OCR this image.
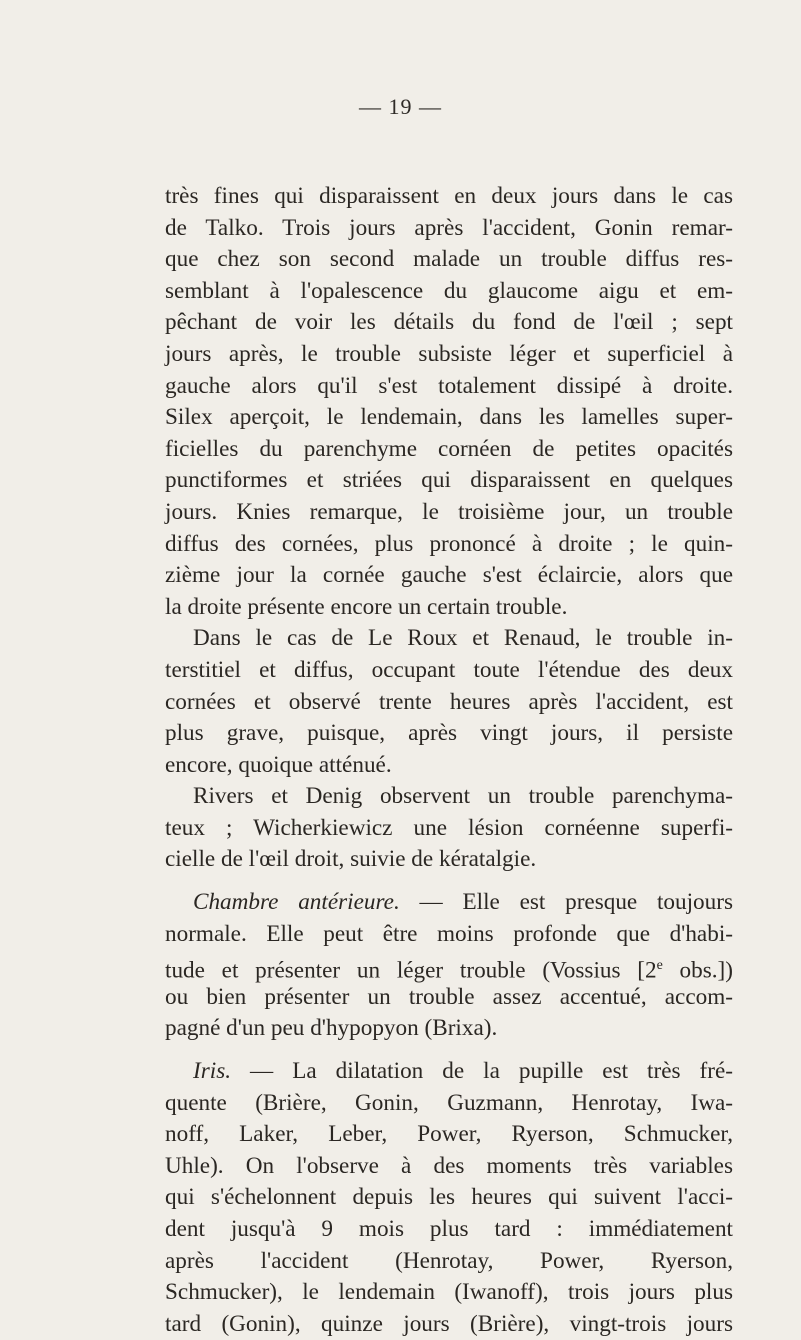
— 19 —
très fines qui disparaissent en deux jours dans le cas
de Talko. Trois jours après l'accident, Gonin remar-
que chez son second malade un trouble diffus res-
semblant à l'opalescence du glaucome aigu et em-
pêchant de voir les détails du fond de l'œil ; sept
jours après, le trouble subsiste léger et superficiel à
gauche alors qu'il s'est totalement dissipé à droite.
Silex aperçoit, le lendemain, dans les lamelles super-
ficielles du parenchyme cornéen de petites opacités
punctiformes et striées qui disparaissent en quelques
jours. Knies remarque, le troisième jour, un trouble
diffus des cornées, plus prononcé à droite ; le quin-
zième jour la cornée gauche s'est éclaircie, alors que
la droite présente encore un certain trouble.
Dans le cas de Le Roux et Renaud, le trouble in-
terstitiel et diffus, occupant toute l'étendue des deux
cornées et observé trente heures après l'accident, est
plus grave, puisque, après vingt jours, il persiste
encore, quoique atténué.
Rivers et Denig observent un trouble parenchyma-
teux ; Wicherkiewicz une lésion cornéenne superfi-
cielle de l'œil droit, suivie de kératalgie.
Chambre antérieure. — Elle est presque toujours
normale. Elle peut être moins profonde que d'habi-
tude et présenter un léger trouble (Vossius [2e obs.])
ou bien présenter un trouble assez accentué, accom-
pagné d'un peu d'hypopyon (Brixa).
Iris. — La dilatation de la pupille est très fré-
quente (Brière, Gonin, Guzmann, Henrotay, Iwa-
noff, Laker, Leber, Power, Ryerson, Schmucker,
Uhle). On l'observe à des moments très variables
qui s'échelonnent depuis les heures qui suivent l'acci-
dent jusqu'à 9 mois plus tard : immédiatement
après l'accident (Henrotay, Power, Ryerson,
Schmucker), le lendemain (Iwanoff), trois jours plus
tard (Gonin), quinze jours (Brière), vingt-trois jours
